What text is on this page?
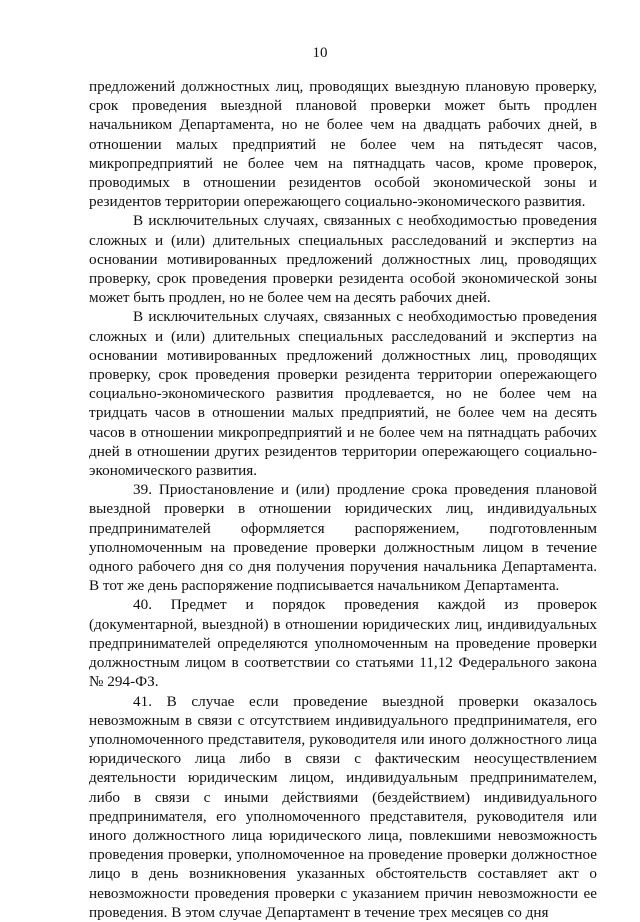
10

предложений должностных лиц, проводящих выездную плановую проверку, срок проведения выездной плановой проверки может быть продлен начальником Департамента, но не более чем на двадцать рабочих дней, в отношении малых предприятий не более чем на пятьдесят часов, микропредприятий не более чем на пятнадцать часов, кроме проверок, проводимых в отношении резидентов особой экономической зоны и резидентов территории опережающего социально-экономического развития.

В исключительных случаях, связанных с необходимостью проведения сложных и (или) длительных специальных расследований и экспертиз на основании мотивированных предложений должностных лиц, проводящих проверку, срок проведения проверки резидента особой экономической зоны может быть продлен, но не более чем на десять рабочих дней.

В исключительных случаях, связанных с необходимостью проведения сложных и (или) длительных специальных расследований и экспертиз на основании мотивированных предложений должностных лиц, проводящих проверку, срок проведения проверки резидента территории опережающего социально-экономического развития продлевается, но не более чем на тридцать часов в отношении малых предприятий, не более чем на десять часов в отношении микропредприятий и не более чем на пятнадцать рабочих дней в отношении других резидентов территории опережающего социально-экономического развития.

39. Приостановление и (или) продление срока проведения плановой выездной проверки в отношении юридических лиц, индивидуальных предпринимателей оформляется распоряжением, подготовленным уполномоченным на проведение проверки должностным лицом в течение одного рабочего дня со дня получения поручения начальника Департамента. В тот же день распоряжение подписывается начальником Департамента.

40. Предмет и порядок проведения каждой из проверок (документарной, выездной) в отношении юридических лиц, индивидуальных предпринимателей определяются уполномоченным на проведение проверки должностным лицом в соответствии со статьями 11,12 Федерального закона № 294-ФЗ.

41. В случае если проведение выездной проверки оказалось невозможным в связи с отсутствием индивидуального предпринимателя, его уполномоченного представителя, руководителя или иного должностного лица юридического лица либо в связи с фактическим неосуществлением деятельности юридическим лицом, индивидуальным предпринимателем, либо в связи с иными действиями (бездействием) индивидуального предпринимателя, его уполномоченного представителя, руководителя или иного должностного лица юридического лица, повлекшими невозможность проведения проверки, уполномоченное на проведение проверки должностное лицо в день возникновения указанных обстоятельств составляет акт о невозможности проведения проверки с указанием причин невозможности ее проведения. В этом случае Департамент в течение трех месяцев со дня
